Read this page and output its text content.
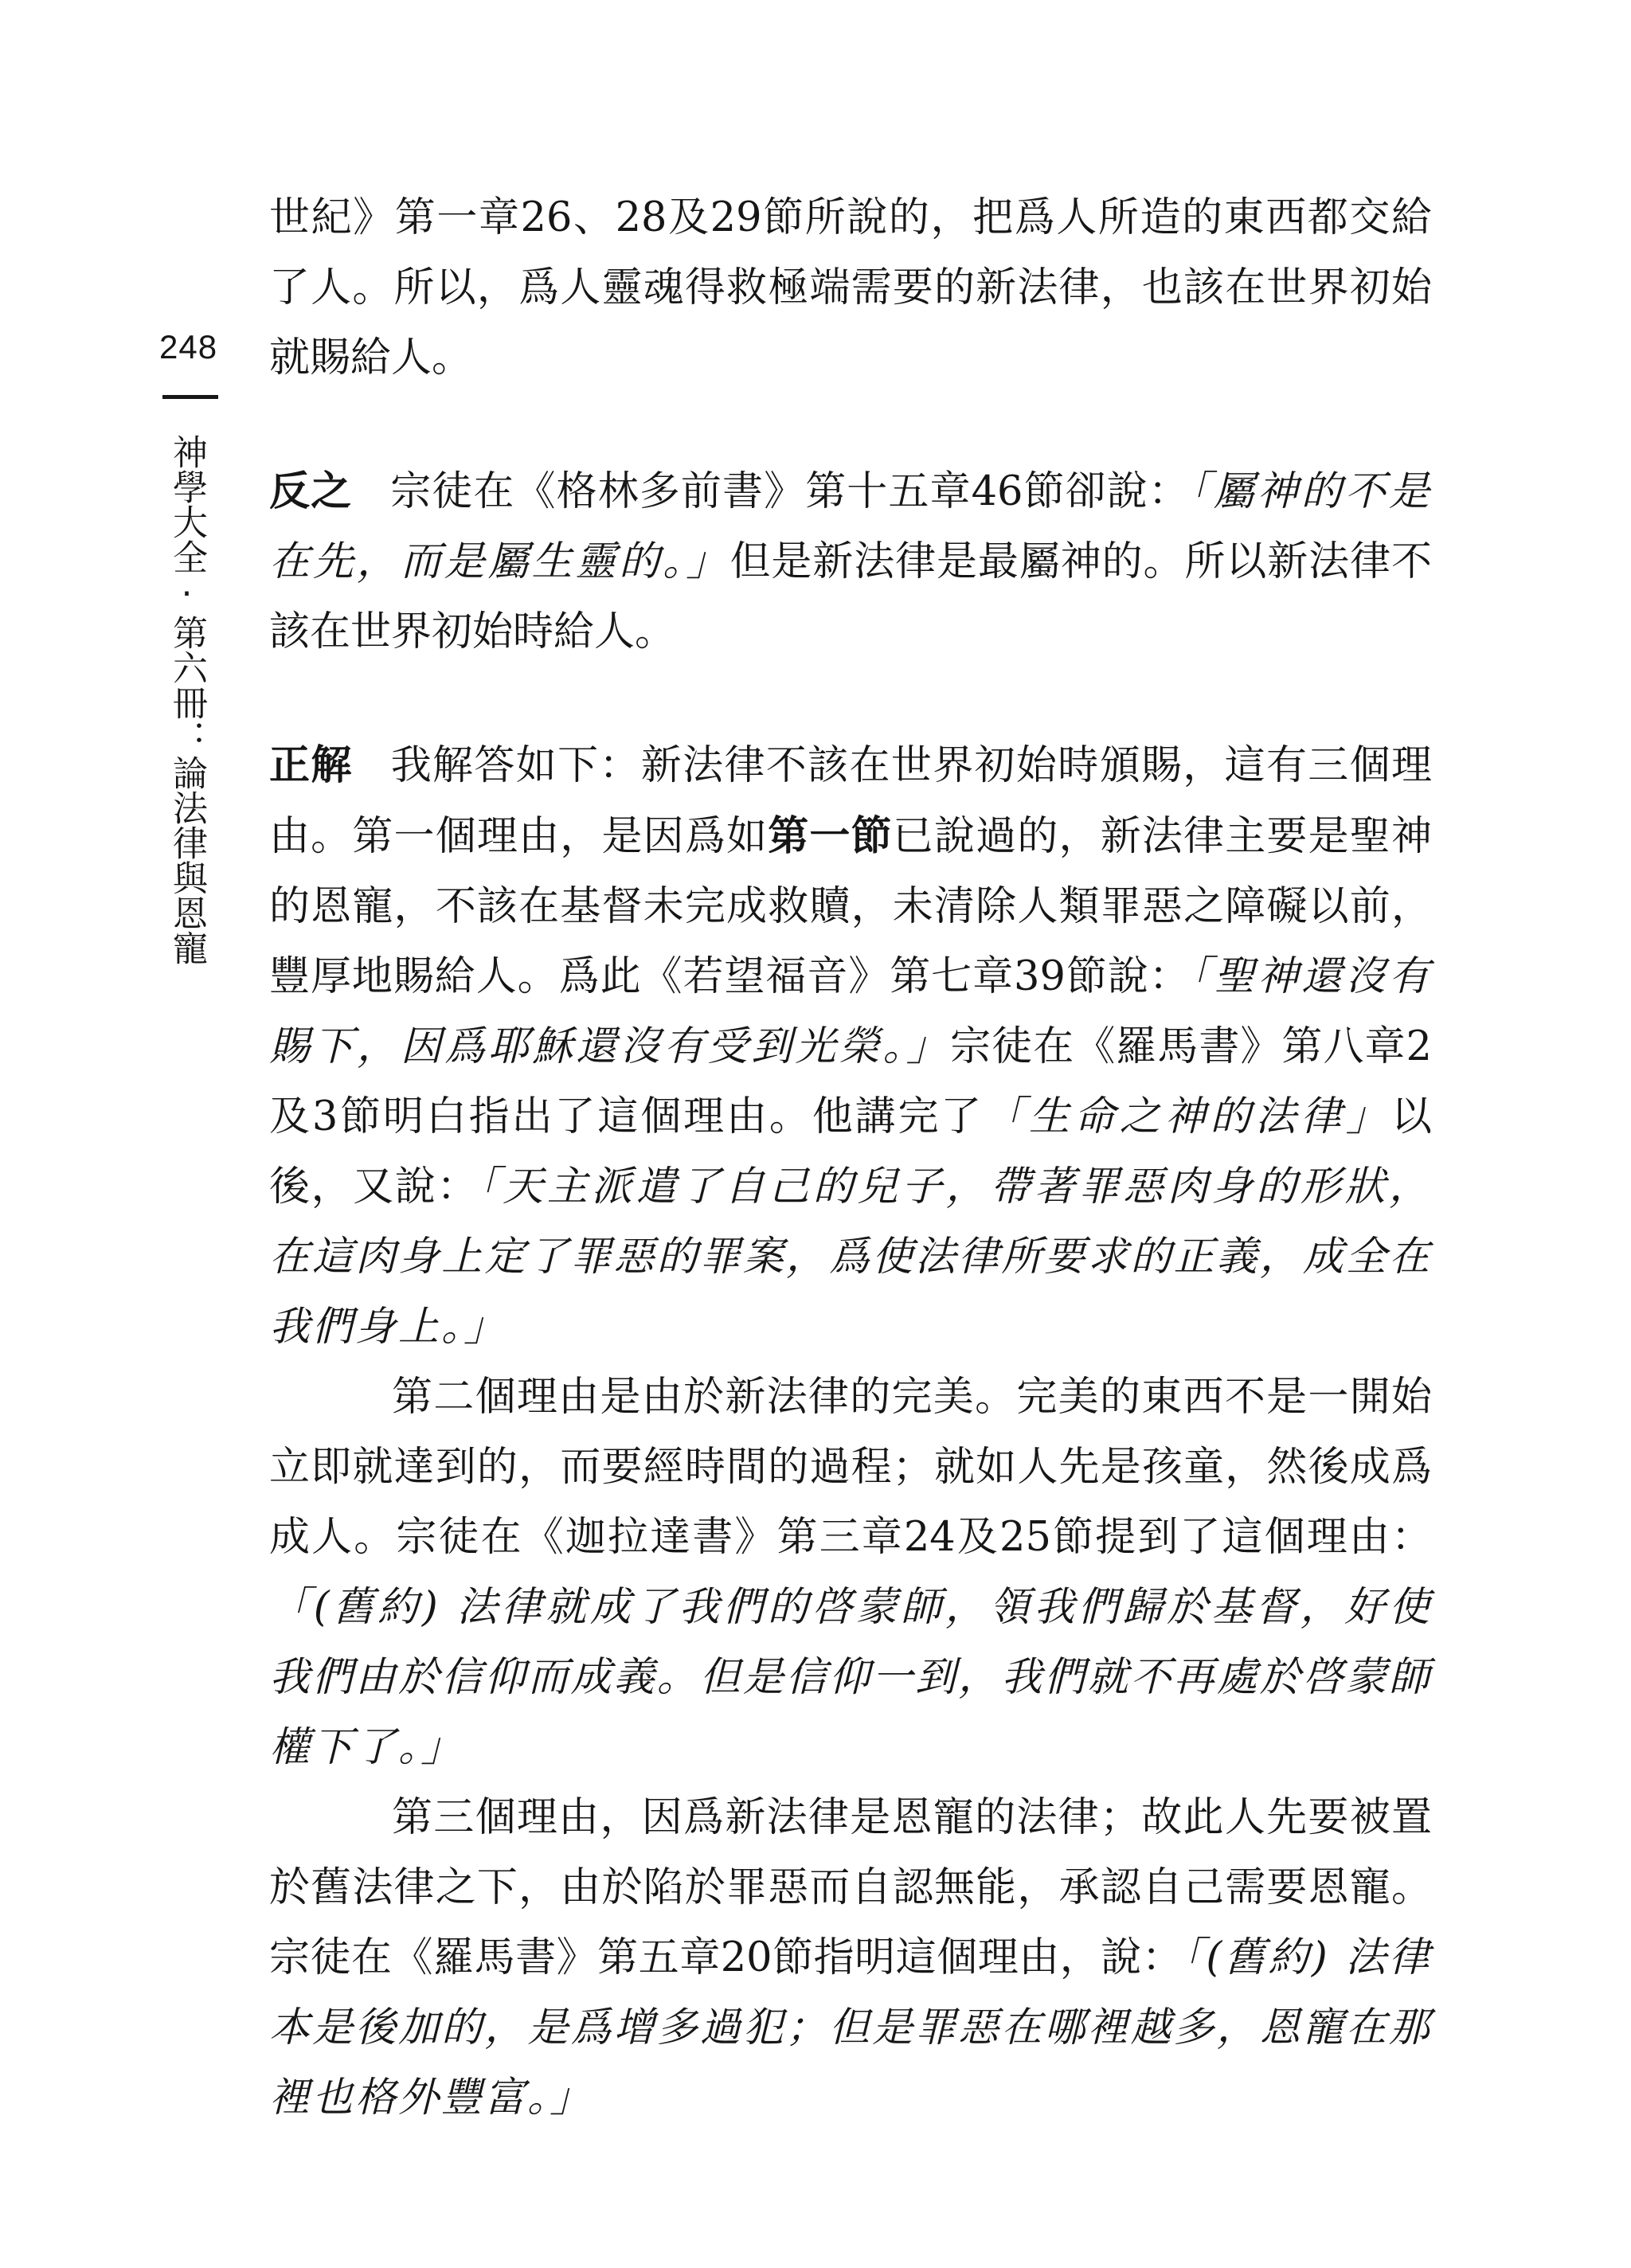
248
神學大全‧第六冊：論法律與恩寵

世紀》第一章26、28及29節所說的，把爲人所造的東西都交給了人。所以，爲人靈魂得救極端需要的新法律，也該在世界初始就賜給人。

反之 宗徒在《格林多前書》第十五章46節卻說：「屬神的不是在先，而是屬生靈的。」但是新法律是最屬神的。所以新法律不該在世界初始時給人。

正解 我解答如下：新法律不該在世界初始時頒賜，這有三個理由。第一個理由，是因爲如第一節已說過的，新法律主要是聖神的恩寵，不該在基督未完成救贖，未清除人類罪惡之障礙以前，豐厚地賜給人。爲此《若望福音》第七章39節說：「聖神還沒有賜下，因爲耶穌還沒有受到光榮。」宗徒在《羅馬書》第八章2及3節明白指出了這個理由。他講完了「生命之神的法律」以後，又說：「天主派遣了自己的兒子，帶著罪惡肉身的形狀，在這肉身上定了罪惡的罪案，爲使法律所要求的正義，成全在我們身上。」

第二個理由是由於新法律的完美。完美的東西不是一開始立即就達到的，而要經時間的過程；就如人先是孩童，然後成爲成人。宗徒在《迦拉達書》第三章24及25節提到了這個理由：「(舊約) 法律就成了我們的啓蒙師，領我們歸於基督，好使我們由於信仰而成義。但是信仰一到，我們就不再處於啓蒙師權下了。」

第三個理由，因爲新法律是恩寵的法律；故此人先要被置於舊法律之下，由於陷於罪惡而自認無能，承認自己需要恩寵。宗徒在《羅馬書》第五章20節指明這個理由，說：「(舊約) 法律本是後加的，是爲增多過犯；但是罪惡在哪裡越多，恩寵在那裡也格外豐富。」
